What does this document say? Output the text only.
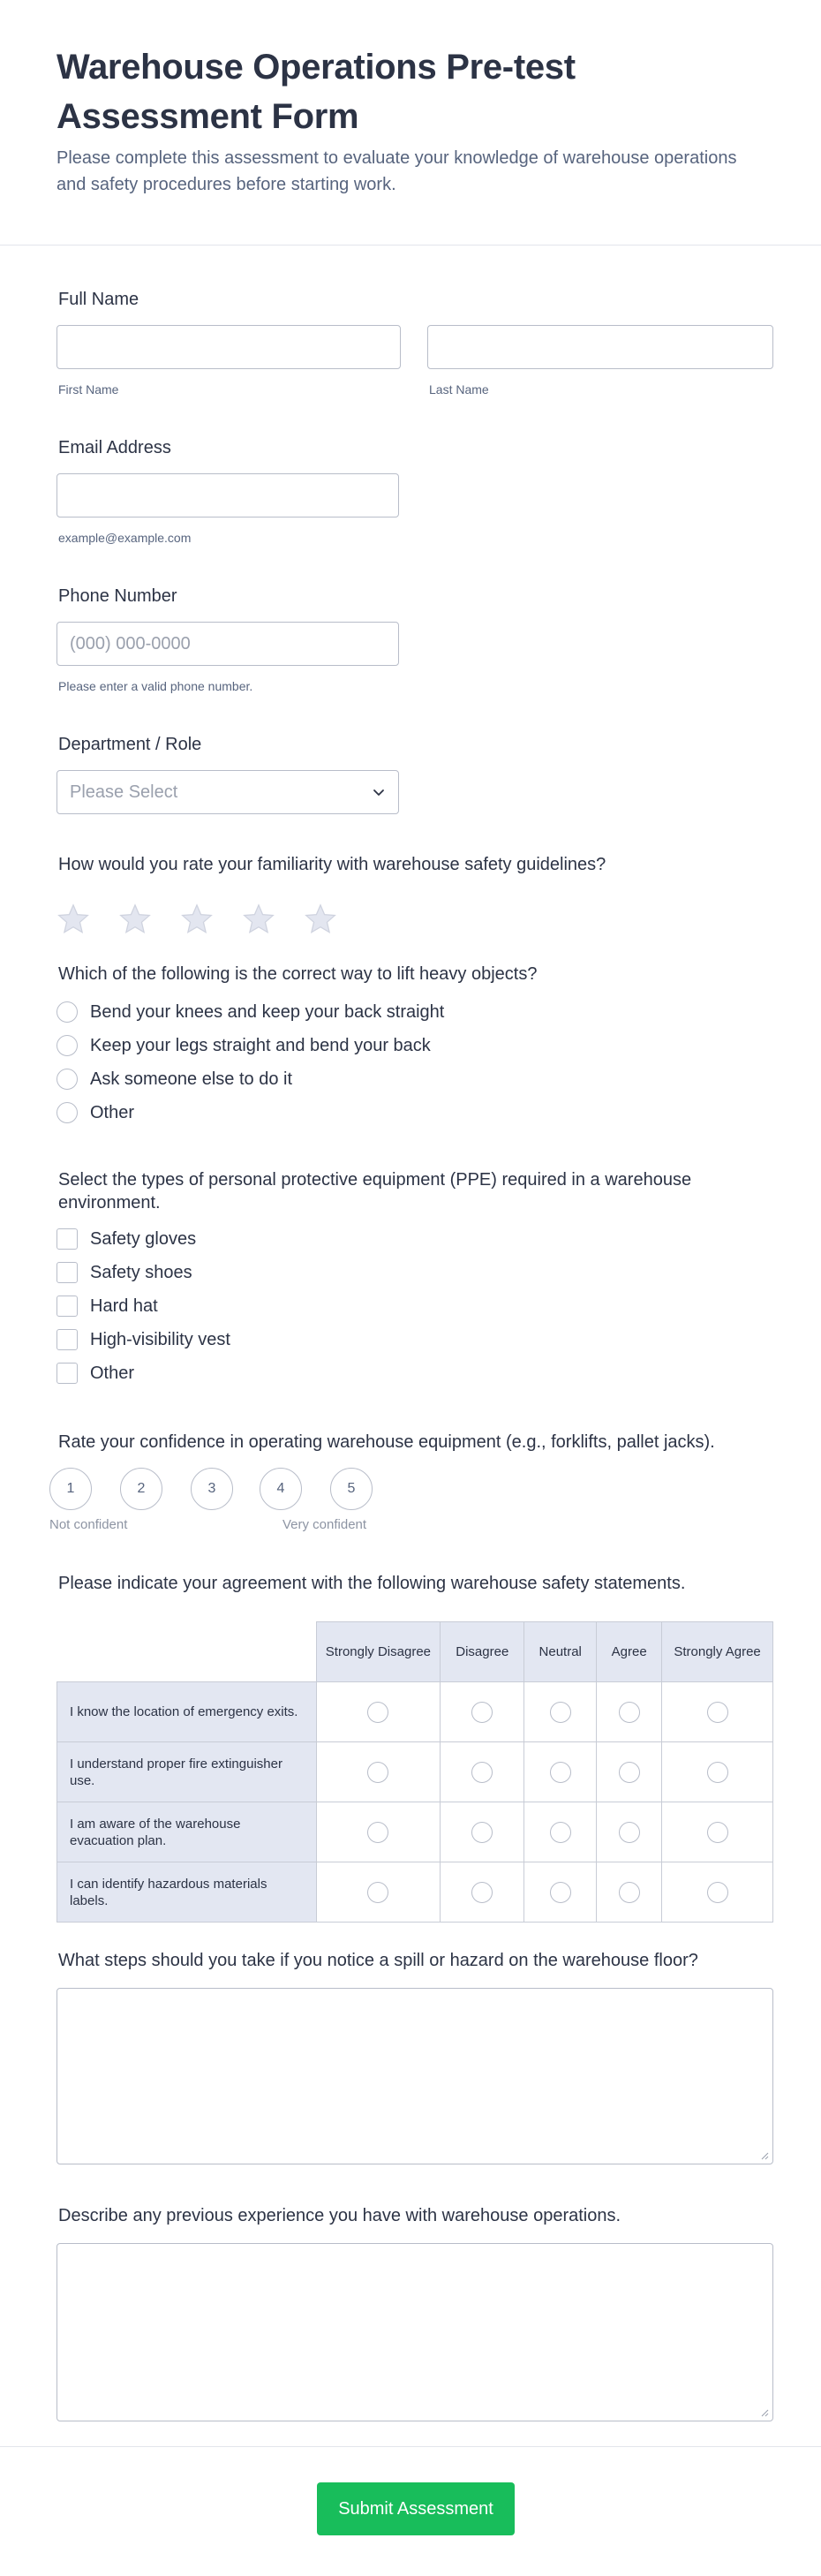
Warehouse Operations Pre-test Assessment Form

Please complete this assessment to evaluate your knowledge of warehouse operations and safety procedures before starting work.

Full Name
First Name	Last Name
Email Address
example@example.com
Phone Number
(000) 000-0000
Please enter a valid phone number.
Department / Role
Please Select
How would you rate your familiarity with warehouse safety guidelines?
Which of the following is the correct way to lift heavy objects?
Bend your knees and keep your back straight
Keep your legs straight and bend your back
Ask someone else to do it
Other
Select the types of personal protective equipment (PPE) required in a warehouse environment.
Safety gloves
Safety shoes
Hard hat
High-visibility vest
Other
Rate your confidence in operating warehouse equipment (e.g., forklifts, pallet jacks).
1	2	3	4	5
Not confident	Very confident
Please indicate your agreement with the following warehouse safety statements.
	Strongly Disagree	Disagree	Neutral	Agree	Strongly Agree
I know the location of emergency exits.					
I understand proper fire extinguisher use.					
I am aware of the warehouse evacuation plan.					
I can identify hazardous materials labels.					
What steps should you take if you notice a spill or hazard on the warehouse floor?
Describe any previous experience you have with warehouse operations.
Submit Assessment
